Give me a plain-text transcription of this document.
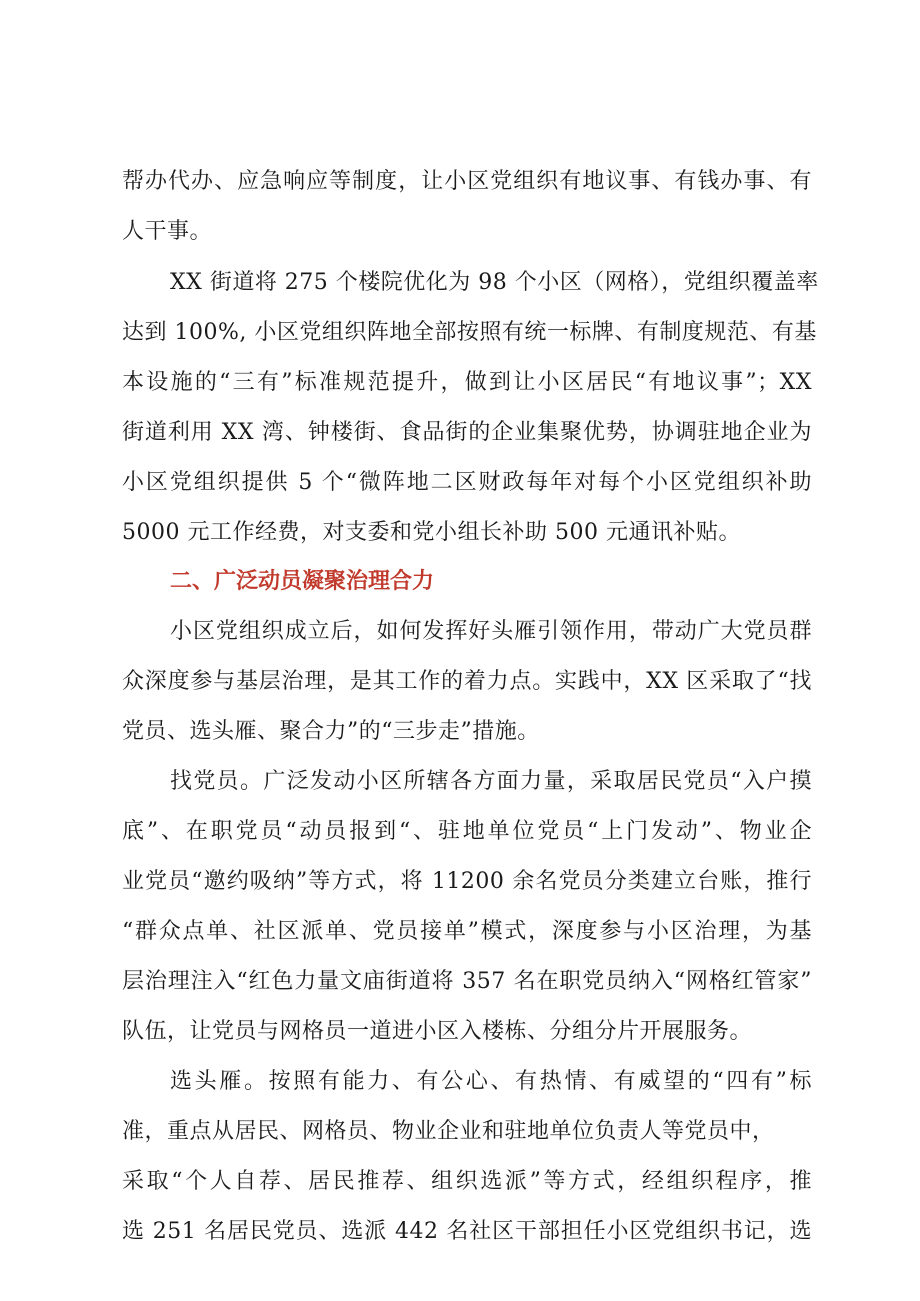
帮办代办、应急响应等制度，让小区党组织有地议事、有钱办事、有
人干事。
XX 街道将 275 个楼院优化为 98 个小区（网格），党组织覆盖率
达到 100%, 小区党组织阵地全部按照有统一标牌、有制度规范、有基
本设施的“三有”标准规范提升，做到让小区居民“有地议事”；XX
街道利用 XX 湾、钟楼街、食品街的企业集聚优势，协调驻地企业为
小区党组织提供 5 个“微阵地二区财政每年对每个小区党组织补助
5000 元工作经费，对支委和党小组长补助 500 元通讯补贴。
二、广泛动员凝聚治理合力
小区党组织成立后，如何发挥好头雁引领作用，带动广大党员群
众深度参与基层治理，是其工作的着力点。实践中，XX 区采取了“找
党员、选头雁、聚合力”的“三步走”措施。
找党员。广泛发动小区所辖各方面力量，采取居民党员“入户摸
底”、在职党员“动员报到“、驻地单位党员“上门发动”、物业企
业党员“邀约吸纳”等方式，将 11200 余名党员分类建立台账，推行
“群众点单、社区派单、党员接单”模式，深度参与小区治理，为基
层治理注入“红色力量文庙街道将 357 名在职党员纳入“网格红管家”
队伍，让党员与网格员一道进小区入楼栋、分组分片开展服务。
选头雁。按照有能力、有公心、有热情、有威望的“四有”标
准，重点从居民、网格员、物业企业和驻地单位负责人等党员中，
采取“个人自荐、居民推荐、组织选派”等方式，经组织程序，推
选 251 名居民党员、选派 442 名社区干部担任小区党组织书记，选
